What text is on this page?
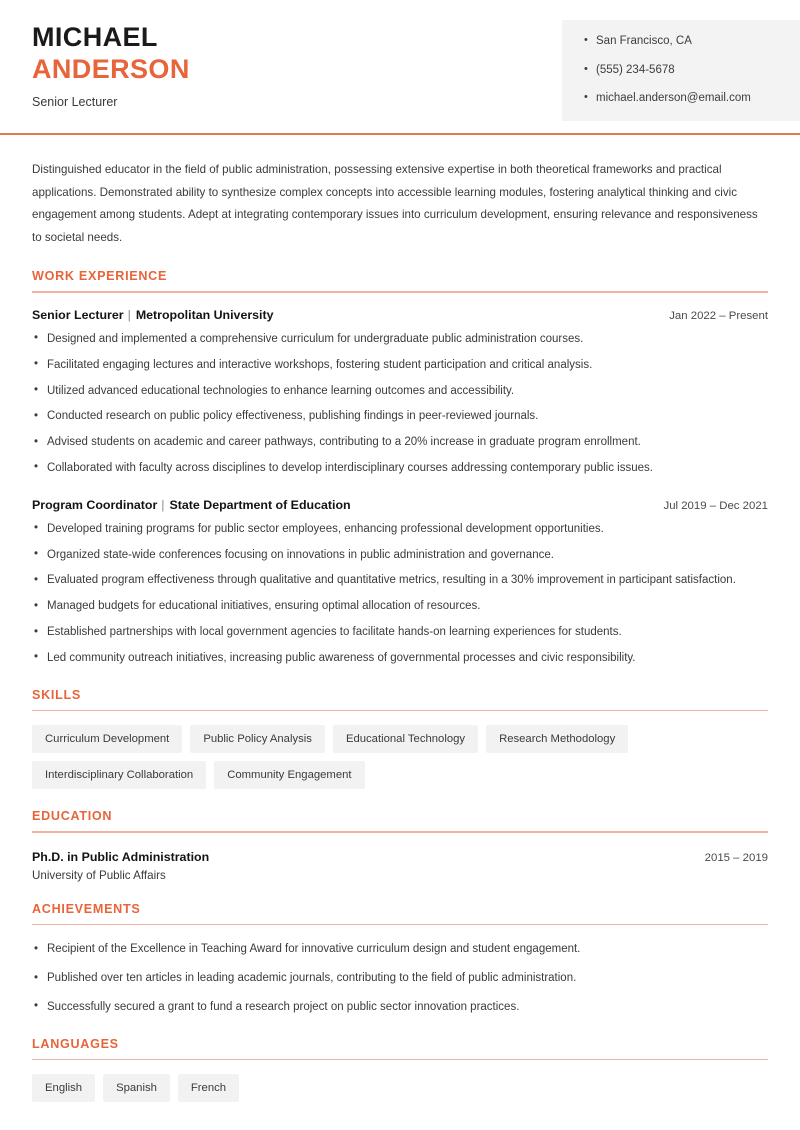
MICHAEL
ANDERSON
Senior Lecturer
• San Francisco, CA
• (555) 234-5678
• michael.anderson@email.com

Distinguished educator in the field of public administration, possessing extensive expertise in both theoretical frameworks and practical applications. Demonstrated ability to synthesize complex concepts into accessible learning modules, fostering analytical thinking and civic engagement among students. Adept at integrating contemporary issues into curriculum development, ensuring relevance and responsiveness to societal needs.

WORK EXPERIENCE
Senior Lecturer | Metropolitan University	Jan 2022 – Present
• Designed and implemented a comprehensive curriculum for undergraduate public administration courses.
• Facilitated engaging lectures and interactive workshops, fostering student participation and critical analysis.
• Utilized advanced educational technologies to enhance learning outcomes and accessibility.
• Conducted research on public policy effectiveness, publishing findings in peer-reviewed journals.
• Advised students on academic and career pathways, contributing to a 20% increase in graduate program enrollment.
• Collaborated with faculty across disciplines to develop interdisciplinary courses addressing contemporary public issues.
Program Coordinator | State Department of Education	Jul 2019 – Dec 2021
• Developed training programs for public sector employees, enhancing professional development opportunities.
• Organized state-wide conferences focusing on innovations in public administration and governance.
• Evaluated program effectiveness through qualitative and quantitative metrics, resulting in a 30% improvement in participant satisfaction.
• Managed budgets for educational initiatives, ensuring optimal allocation of resources.
• Established partnerships with local government agencies to facilitate hands-on learning experiences for students.
• Led community outreach initiatives, increasing public awareness of governmental processes and civic responsibility.
SKILLS
Curriculum Development	Public Policy Analysis	Educational Technology	Research Methodology
Interdisciplinary Collaboration	Community Engagement
EDUCATION
Ph.D. in Public Administration	2015 – 2019
University of Public Affairs
ACHIEVEMENTS
• Recipient of the Excellence in Teaching Award for innovative curriculum design and student engagement.
• Published over ten articles in leading academic journals, contributing to the field of public administration.
• Successfully secured a grant to fund a research project on public sector innovation practices.
LANGUAGES
English	Spanish	French
